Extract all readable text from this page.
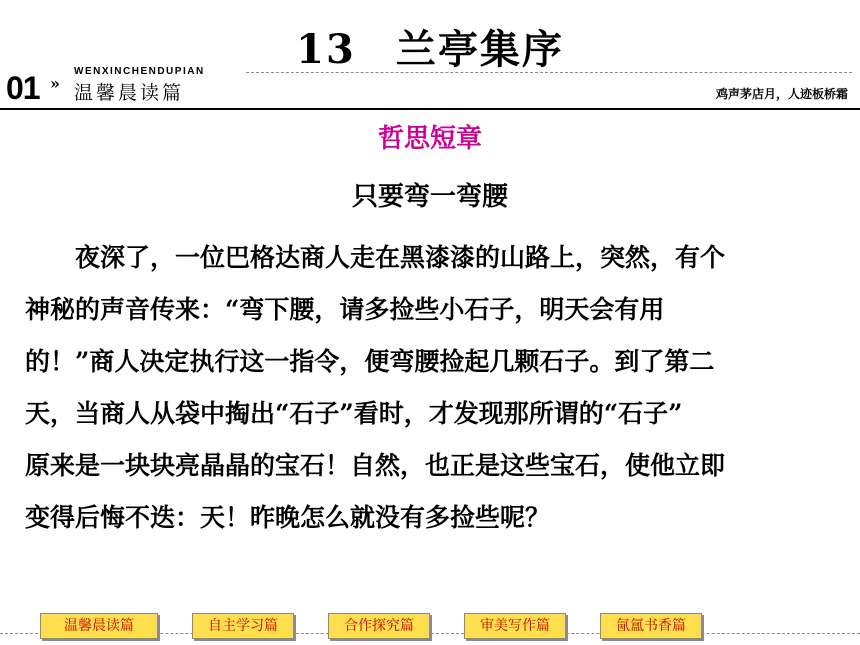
13 兰亭集序
01 »
WENXINCHENDUPIAN
温馨晨读篇	鸡声茅店月，人迹板桥霜
哲思短章
只要弯一弯腰

　　夜深了，一位巴格达商人走在黑漆漆的山路上，突然，有个
神秘的声音传来：“弯下腰，请多捡些小石子，明天会有用
的！”商人决定执行这一指令，便弯腰捡起几颗石子。到了第二
天，当商人从袋中掏出“石子”看时，才发现那所谓的“石子”
原来是一块块亮晶晶的宝石！自然，也正是这些宝石，使他立即
变得后悔不迭：天！昨晚怎么就没有多捡些呢？

温馨晨读篇	自主学习篇	合作探究篇	审美写作篇	氤氲书香篇
